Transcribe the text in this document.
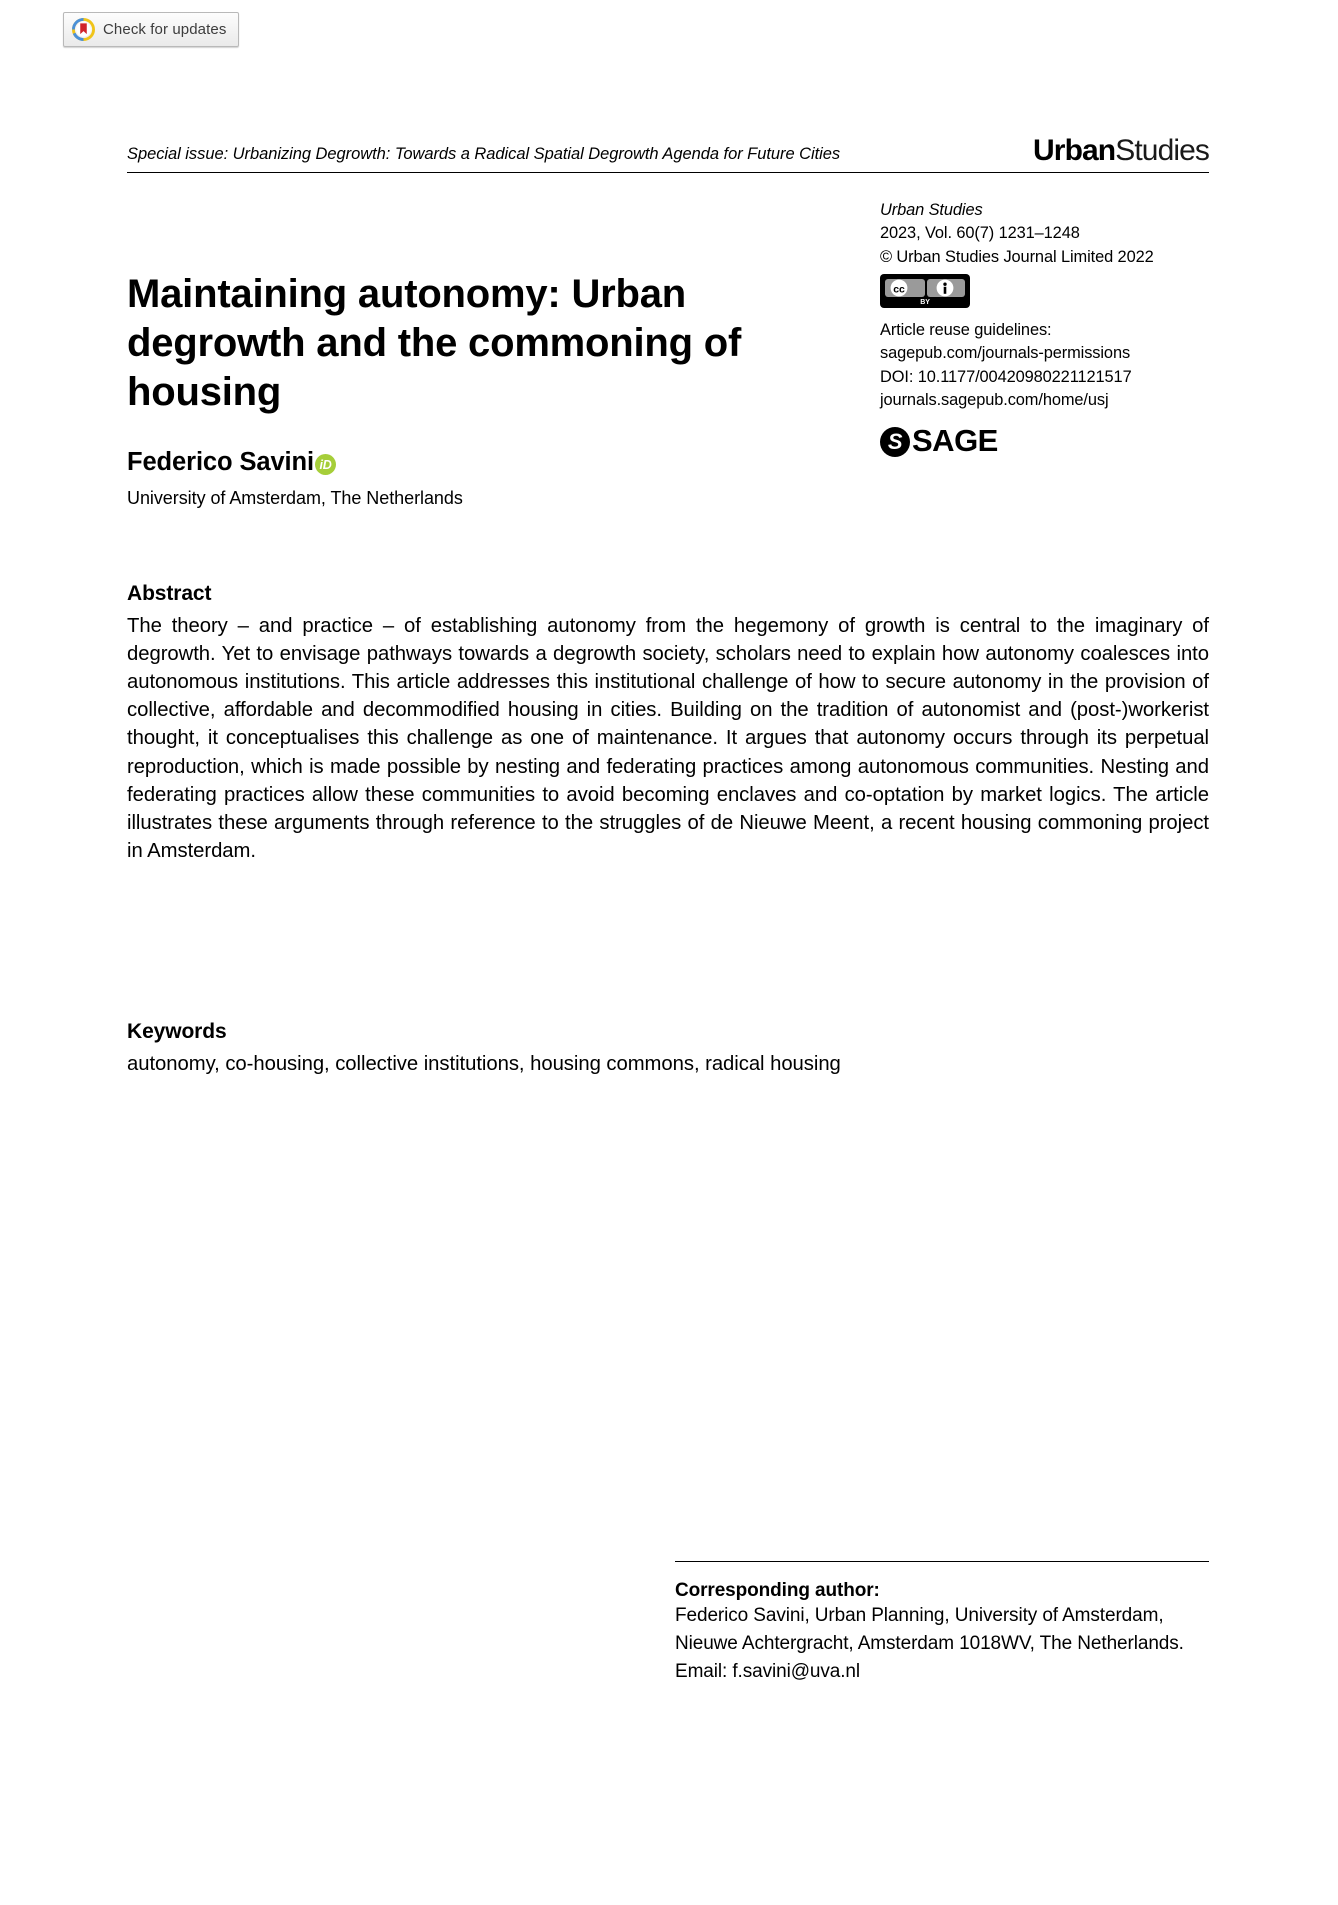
Check for updates
Special issue: Urbanizing Degrowth: Towards a Radical Spatial Degrowth Agenda for Future Cities	UrbanStudies
Maintaining autonomy: Urban degrowth and the commoning of housing
Federico Savini iD
University of Amsterdam, The Netherlands
Urban Studies
2023, Vol. 60(7) 1231–1248
© Urban Studies Journal Limited 2022
cc
BY
Article reuse guidelines:
sagepub.com/journals-permissions
DOI: 10.1177/00420980221121517
journals.sagepub.com/home/usj
S SAGE
Abstract

The theory – and practice – of establishing autonomy from the hegemony of growth is central to the imaginary of degrowth. Yet to envisage pathways towards a degrowth society, scholars need to explain how autonomy coalesces into autonomous institutions. This article addresses this institutional challenge of how to secure autonomy in the provision of collective, affordable and decommodified housing in cities. Building on the tradition of autonomist and (post-)workerist thought, it conceptualises this challenge as one of maintenance. It argues that autonomy occurs through its perpetual reproduction, which is made possible by nesting and federating practices among autonomous communities. Nesting and federating practices allow these communities to avoid becoming enclaves and co-optation by market logics. The article illustrates these arguments through reference to the struggles of de Nieuwe Meent, a recent housing commoning project in Amsterdam.

Keywords

autonomy, co-housing, collective institutions, housing commons, radical housing

Corresponding author:
Federico Savini, Urban Planning, University of Amsterdam, Nieuwe Achtergracht, Amsterdam 1018WV, The Netherlands.
Email: f.savini@uva.nl
